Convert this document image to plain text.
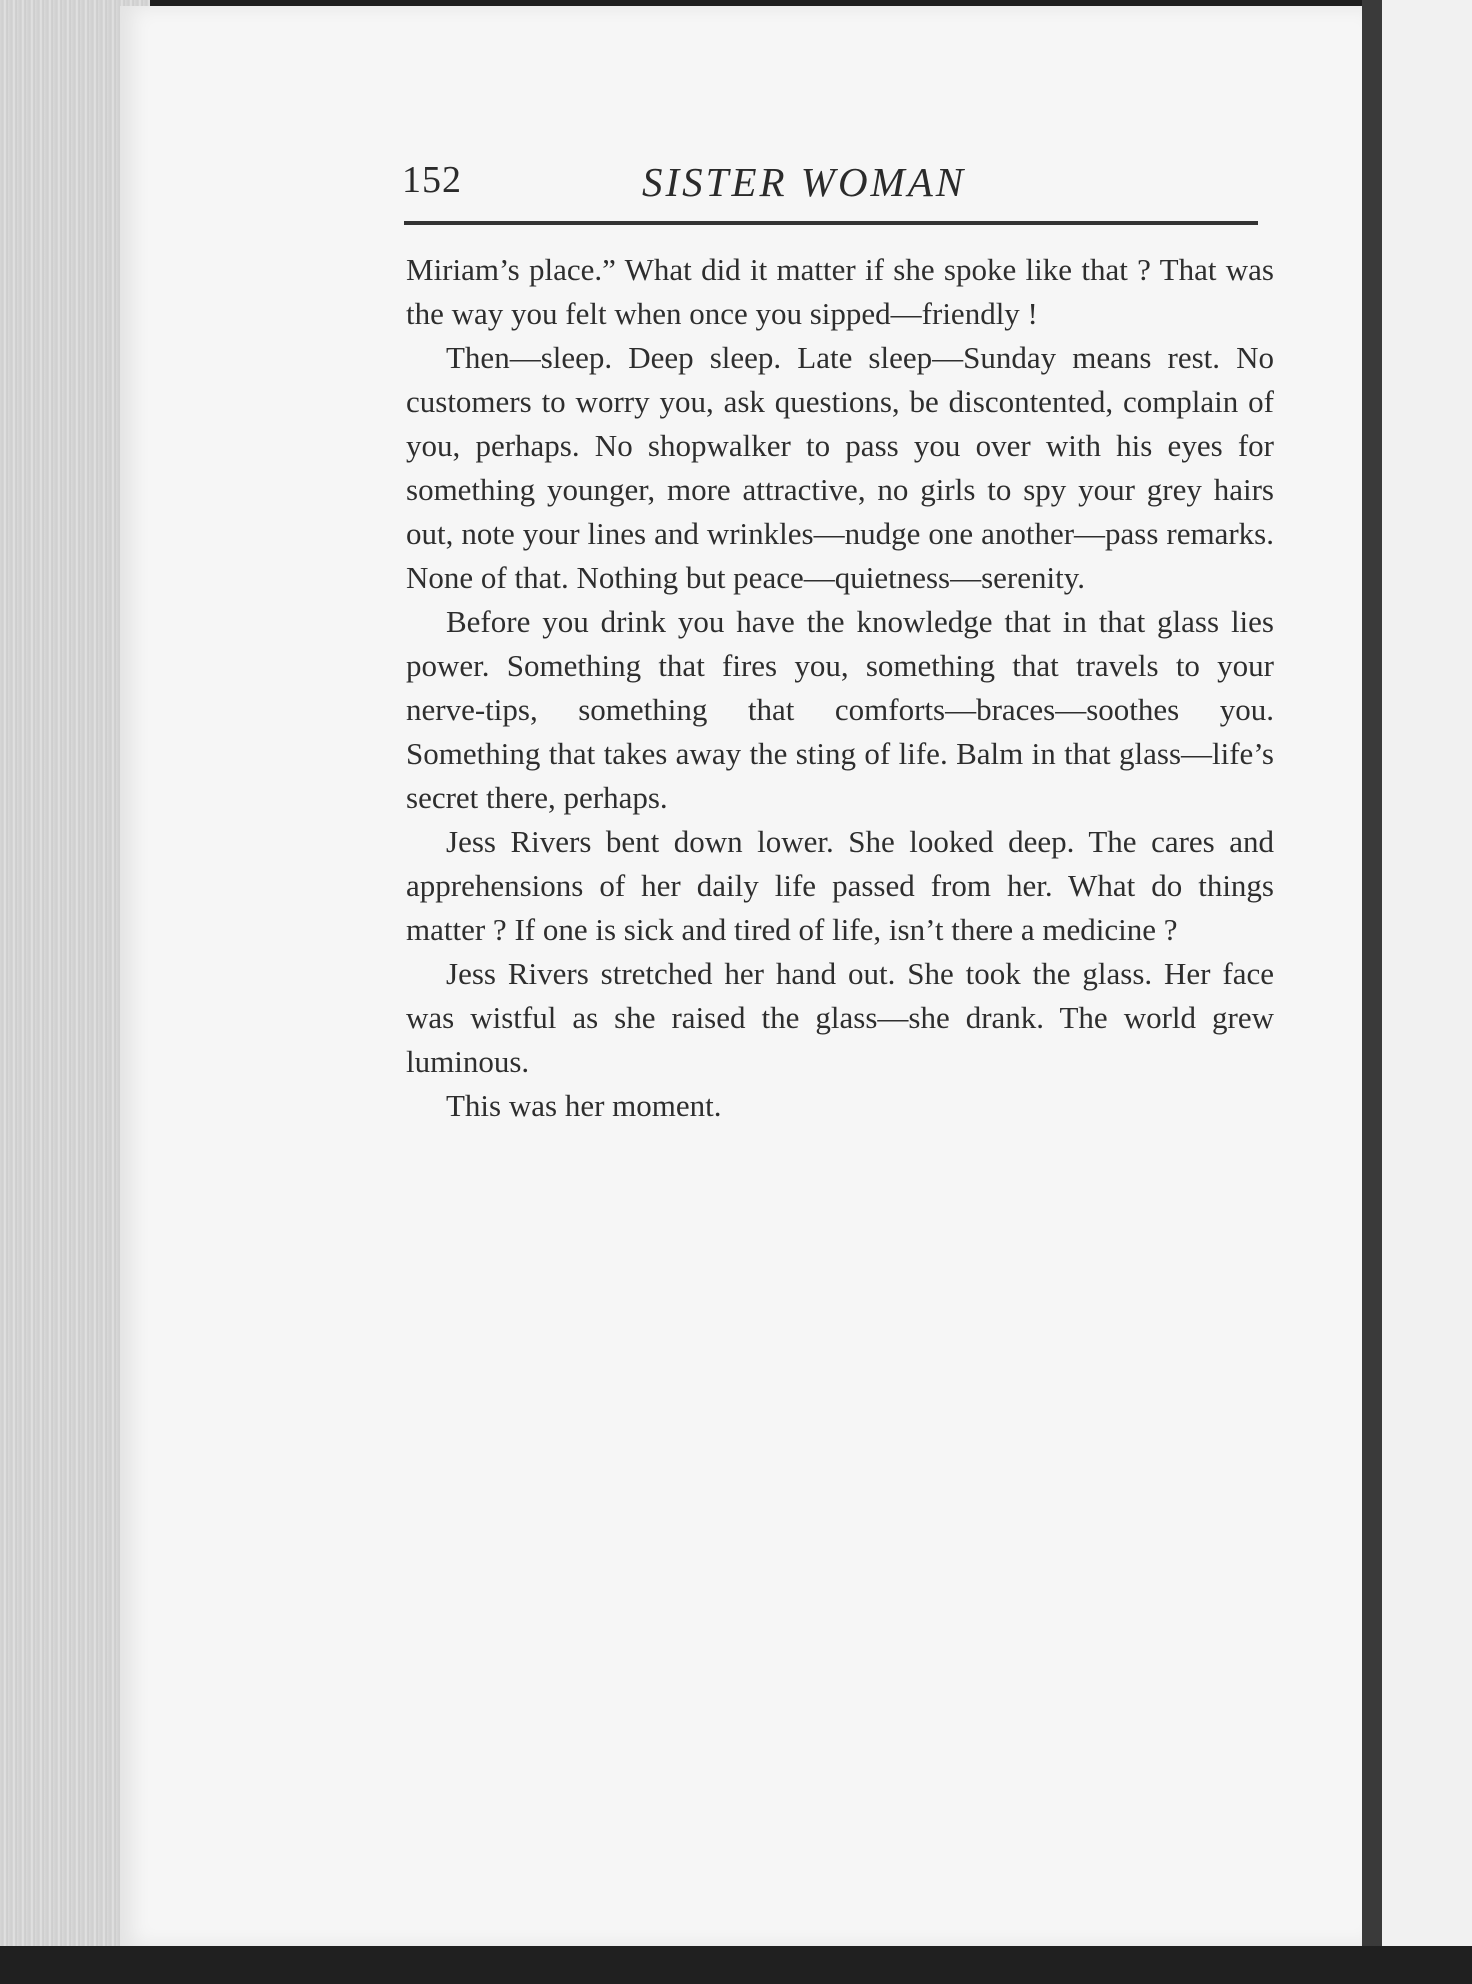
152	SISTER WOMAN

Miriam’s place.” What did it matter if she spoke like that ? That was the way you felt when once you sipped—friendly !

Then—sleep. Deep sleep. Late sleep—Sunday means rest. No customers to worry you, ask questions, be discontented, complain of you, perhaps. No shopwalker to pass you over with his eyes for something younger, more attractive, no girls to spy your grey hairs out, note your lines and wrinkles—nudge one another—pass remarks. None of that. Nothing but peace—quietness—serenity.

Before you drink you have the knowledge that in that glass lies power. Something that fires you, something that travels to your nerve-tips, something that comforts—braces—soothes you. Something that takes away the sting of life. Balm in that glass—life’s secret there, perhaps.

Jess Rivers bent down lower. She looked deep. The cares and apprehensions of her daily life passed from her. What do things matter ? If one is sick and tired of life, isn’t there a medicine ?

Jess Rivers stretched her hand out. She took the glass. Her face was wistful as she raised the glass—she drank. The world grew luminous.

This was her moment.
